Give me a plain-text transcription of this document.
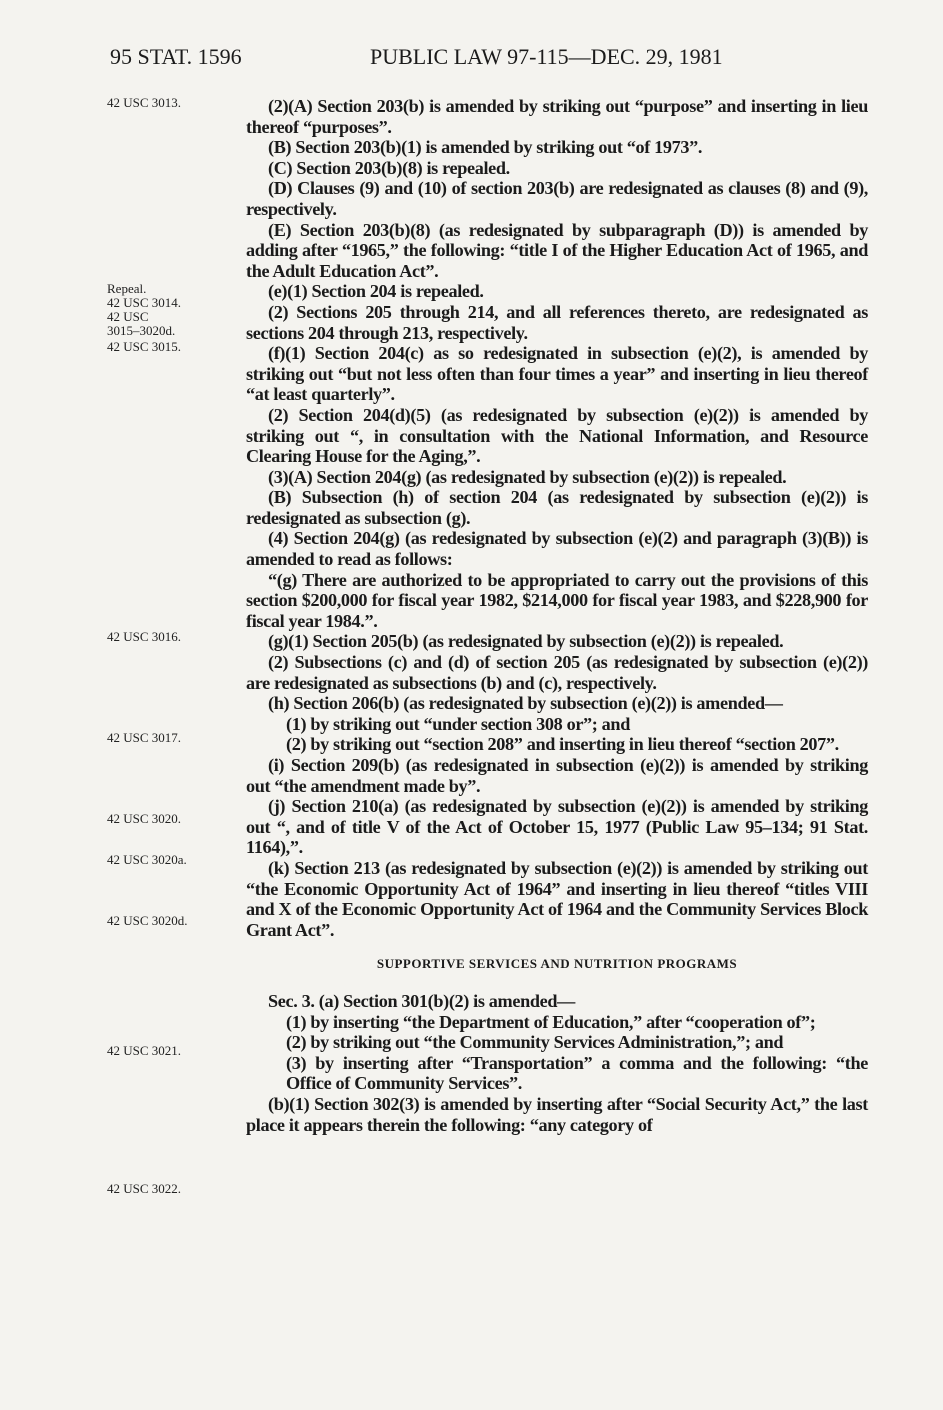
95 STAT. 1596	PUBLIC LAW 97-115—DEC. 29, 1981
42 USC 3013.
Repeal.
42 USC 3014.
42 USC
3015–3020d.
42 USC 3015.
42 USC 3016.
42 USC 3017.
42 USC 3020.
42 USC 3020a.
42 USC 3020d.
42 USC 3021.
42 USC 3022.

(2)(A) Section 203(b) is amended by striking out “purpose” and inserting in lieu thereof “purposes”.

(B) Section 203(b)(1) is amended by striking out “of 1973”.

(C) Section 203(b)(8) is repealed.

(D) Clauses (9) and (10) of section 203(b) are redesignated as clauses (8) and (9), respectively.

(E) Section 203(b)(8) (as redesignated by subparagraph (D)) is amended by adding after “1965,” the following: “title I of the Higher Education Act of 1965, and the Adult Education Act”.

(e)(1) Section 204 is repealed.

(2) Sections 205 through 214, and all references thereto, are redesignated as sections 204 through 213, respectively.

(f)(1) Section 204(c) as so redesignated in subsection (e)(2), is amended by striking out “but not less often than four times a year” and inserting in lieu thereof “at least quarterly”.

(2) Section 204(d)(5) (as redesignated by subsection (e)(2)) is amended by striking out “, in consultation with the National Information, and Resource Clearing House for the Aging,”.

(3)(A) Section 204(g) (as redesignated by subsection (e)(2)) is repealed.

(B) Subsection (h) of section 204 (as redesignated by subsection (e)(2)) is redesignated as subsection (g).

(4) Section 204(g) (as redesignated by subsection (e)(2) and paragraph (3)(B)) is amended to read as follows:

“(g) There are authorized to be appropriated to carry out the provisions of this section $200,000 for fiscal year 1982, $214,000 for fiscal year 1983, and $228,900 for fiscal year 1984.”.

(g)(1) Section 205(b) (as redesignated by subsection (e)(2)) is repealed.

(2) Subsections (c) and (d) of section 205 (as redesignated by subsection (e)(2)) are redesignated as subsections (b) and (c), respectively.

(h) Section 206(b) (as redesignated by subsection (e)(2)) is amended—

(1) by striking out “under section 308 or”; and

(2) by striking out “section 208” and inserting in lieu thereof “section 207”.

(i) Section 209(b) (as redesignated in subsection (e)(2)) is amended by striking out “the amendment made by”.

(j) Section 210(a) (as redesignated by subsection (e)(2)) is amended by striking out “, and of title V of the Act of October 15, 1977 (Public Law 95–134; 91 Stat. 1164),”.

(k) Section 213 (as redesignated by subsection (e)(2)) is amended by striking out “the Economic Opportunity Act of 1964” and inserting in lieu thereof “titles VIII and X of the Economic Opportunity Act of 1964 and the Community Services Block Grant Act”.

SUPPORTIVE SERVICES AND NUTRITION PROGRAMS

Sec. 3. (a) Section 301(b)(2) is amended—

(1) by inserting “the Department of Education,” after “cooperation of”;

(2) by striking out “the Community Services Administration,”; and

(3) by inserting after “Transportation” a comma and the following: “the Office of Community Services”.

(b)(1) Section 302(3) is amended by inserting after “Social Security Act,” the last place it appears therein the following: “any category of
